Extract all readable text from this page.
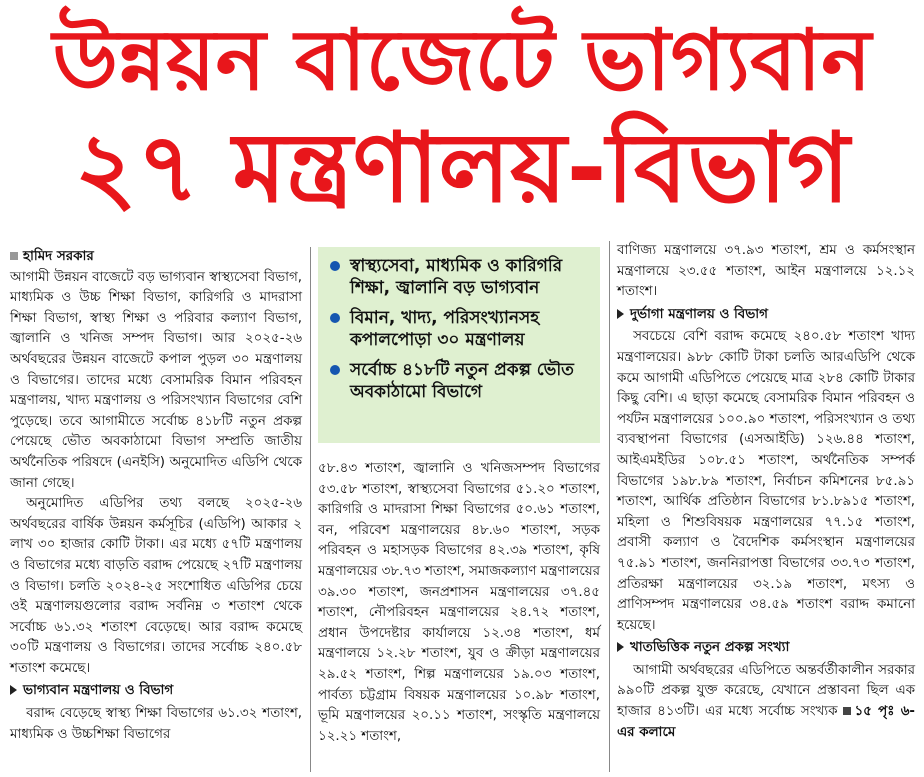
উন্নয়ন বাজেটে ভাগ্যবান
২৭ মন্ত্রণালয়-বিভাগ

হামিদ সরকার

আগামী উন্নয়ন বাজেটে বড় ভাগ্যবান স্বাস্থ্যসেবা বিভাগ, মাধ্যমিক ও উচ্চ শিক্ষা বিভাগ, কারিগরি ও মাদরাসা শিক্ষা বিভাগ, স্বাস্থ্য শিক্ষা ও পরিবার কল্যাণ বিভাগ, জ্বালানি ও খনিজ সম্পদ বিভাগ। আর ২০২৫-২৬ অর্থবছরের উন্নয়ন বাজেটে কপাল পুড়ল ৩০ মন্ত্রণালয় ও বিভাগের। তাদের মধ্যে বেসামরিক বিমান পরিবহন মন্ত্রণালয়, খাদ্য মন্ত্রণালয় ও পরিসংখ্যান বিভাগের বেশি পুড়েছে। তবে আগামীতে সর্বোচ্চ ৪১৮টি নতুন প্রকল্প পেয়েছে ভৌত অবকাঠামো বিভাগ সম্প্রতি জাতীয় অর্থনৈতিক পরিষদে (এনইসি) অনুমোদিত এডিপি থেকে জানা গেছে।

অনুমোদিত এডিপির তথ্য বলছে ২০২৫-২৬ অর্থবছরের বার্ষিক উন্নয়ন কর্মসূচির (এডিপি) আকার ২ লাখ ৩০ হাজার কোটি টাকা। এর মধ্যে ৫৭টি মন্ত্রণালয় ও বিভাগের মধ্যে বাড়তি বরাদ্দ পেয়েছে ২৭টি মন্ত্রণালয় ও বিভাগ। চলতি ২০২৪-২৫ সংশোধিত এডিপির চেয়ে ওই মন্ত্রণালয়গুলোর বরাদ্দ সর্বনিম্ন ৩ শতাংশ থেকে সর্বোচ্চ ৬১.৩২ শতাংশ বেড়েছে। আর বরাদ্দ কমেছে ৩০টি মন্ত্রণালয় ও বিভাগের। তাদের সর্বোচ্চ ২৪০.৫৮ শতাংশ কমেছে।

ভাগ্যবান মন্ত্রণালয় ও বিভাগ

বরাদ্দ বেড়েছে স্বাস্থ্য শিক্ষা বিভাগের ৬১.৩২ শতাংশ, মাধ্যমিক ও উচ্চশিক্ষা বিভাগের

স্বাস্থ্যসেবা, মাধ্যমিক ও কারিগরি শিক্ষা, জ্বালানি বড় ভাগ্যবান
বিমান, খাদ্য, পরিসংখ্যানসহ কপালপোড়া ৩০ মন্ত্রণালয়
সর্বোচ্চ ৪১৮টি নতুন প্রকল্প ভৌত অবকাঠামো বিভাগে

৫৮.৪৩ শতাংশ, জ্বালানি ও খনিজসম্পদ বিভাগের ৫৩.৫৮ শতাংশ, স্বাস্থ্যসেবা বিভাগের ৫১.২০ শতাংশ, কারিগরি ও মাদরাসা শিক্ষা বিভাগের ৫০.৬১ শতাংশ, বন, পরিবেশ মন্ত্রণালয়ের ৪৮.৬০ শতাংশ, সড়ক পরিবহন ও মহাসড়ক বিভাগের ৪২.৩৯ শতাংশ, কৃষি মন্ত্রণালয়ের ৩৮.৭৩ শতাংশ, সমাজকল্যাণ মন্ত্রণালয়ের ৩৯.৩০ শতাংশ, জনপ্রশাসন মন্ত্রণালয়ের ৩৭.৪৫ শতাংশ, নৌপরিবহন মন্ত্রণালয়ের ২৪.৭২ শতাংশ, প্রধান উপদেষ্টার কার্যালয়ে ১২.৩৪ শতাংশ, ধর্ম মন্ত্রণালয়ে ১২.২৮ শতাংশ, যুব ও ক্রীড়া মন্ত্রণালয়ের ২৯.৫২ শতাংশ, শিল্প মন্ত্রণালয়ের ১৯.০৩ শতাংশ, পার্বত্য চট্টগ্রাম বিষয়ক মন্ত্রণালয়ের ১০.৯৮ শতাংশ, ভূমি মন্ত্রণালয়ের ২০.১১ শতাংশ, সংস্কৃতি মন্ত্রণালয়ে ১২.২১ শতাংশ,

বাণিজ্য মন্ত্রণালয়ে ৩৭.৯৩ শতাংশ, শ্রম ও কর্মসংস্থান মন্ত্রণালয়ে ২৩.৫৫ শতাংশ, আইন মন্ত্রণালয়ে ১২.১২ শতাংশ।

দুর্ভাগা মন্ত্রণালয় ও বিভাগ

সবচেয়ে বেশি বরাদ্দ কমেছে ২৪০.৫৮ শতাংশ খাদ্য মন্ত্রণালয়ের। ৯৮৮ কোটি টাকা চলতি আরএডিপি থেকে কমে আগামী এডিপিতে পেয়েছে মাত্র ২৮৪ কোটি টাকার কিছু বেশি। এ ছাড়া কমেছে বেসামরিক বিমান পরিবহন ও পর্যটন মন্ত্রণালয়ের ১০০.৯০ শতাংশ, পরিসংখ্যান ও তথ্য ব্যবস্থাপনা বিভাগের (এসআইডি) ১২৬.৪৪ শতাংশ, আইএমইডির ১০৮.৫১ শতাংশ, অর্থনৈতিক সম্পর্ক বিভাগের ১৯৮.৮৯ শতাংশ, নির্বাচন কমিশনের ৮৫.৯১ শতাংশ, আর্থিক প্রতিষ্ঠান বিভাগের ৮১.৮৯১৫ শতাংশ, মহিলা ও শিশুবিষয়ক মন্ত্রণালয়ের ৭৭.১৫ শতাংশ, প্রবাসী কল্যাণ ও বৈদেশিক কর্মসংস্থান মন্ত্রণালয়ের ৭৫.৯১ শতাংশ, জননিরাপত্তা বিভাগের ৩৩.৭৩ শতাংশ, প্রতিরক্ষা মন্ত্রণালয়ের ৩২.১৯ শতাংশ, মৎস্য ও প্রাণিসম্পদ মন্ত্রণালয়ের ৩৪.৫৯ শতাংশ বরাদ্দ কমানো হয়েছে।

খাতভিত্তিক নতুন প্রকল্প সংখ্যা

আগামী অর্থবছরের এডিপিতে অন্তর্বর্তীকালীন সরকার ৯৯০টি প্রকল্প যুক্ত করেছে, যেখানে প্রস্তাবনা ছিল এক হাজার ৪১৩টি। এর মধ্যে সর্বোচ্চ সংখ্যক ১৫ পৃঃ ৬-এর কলামে
